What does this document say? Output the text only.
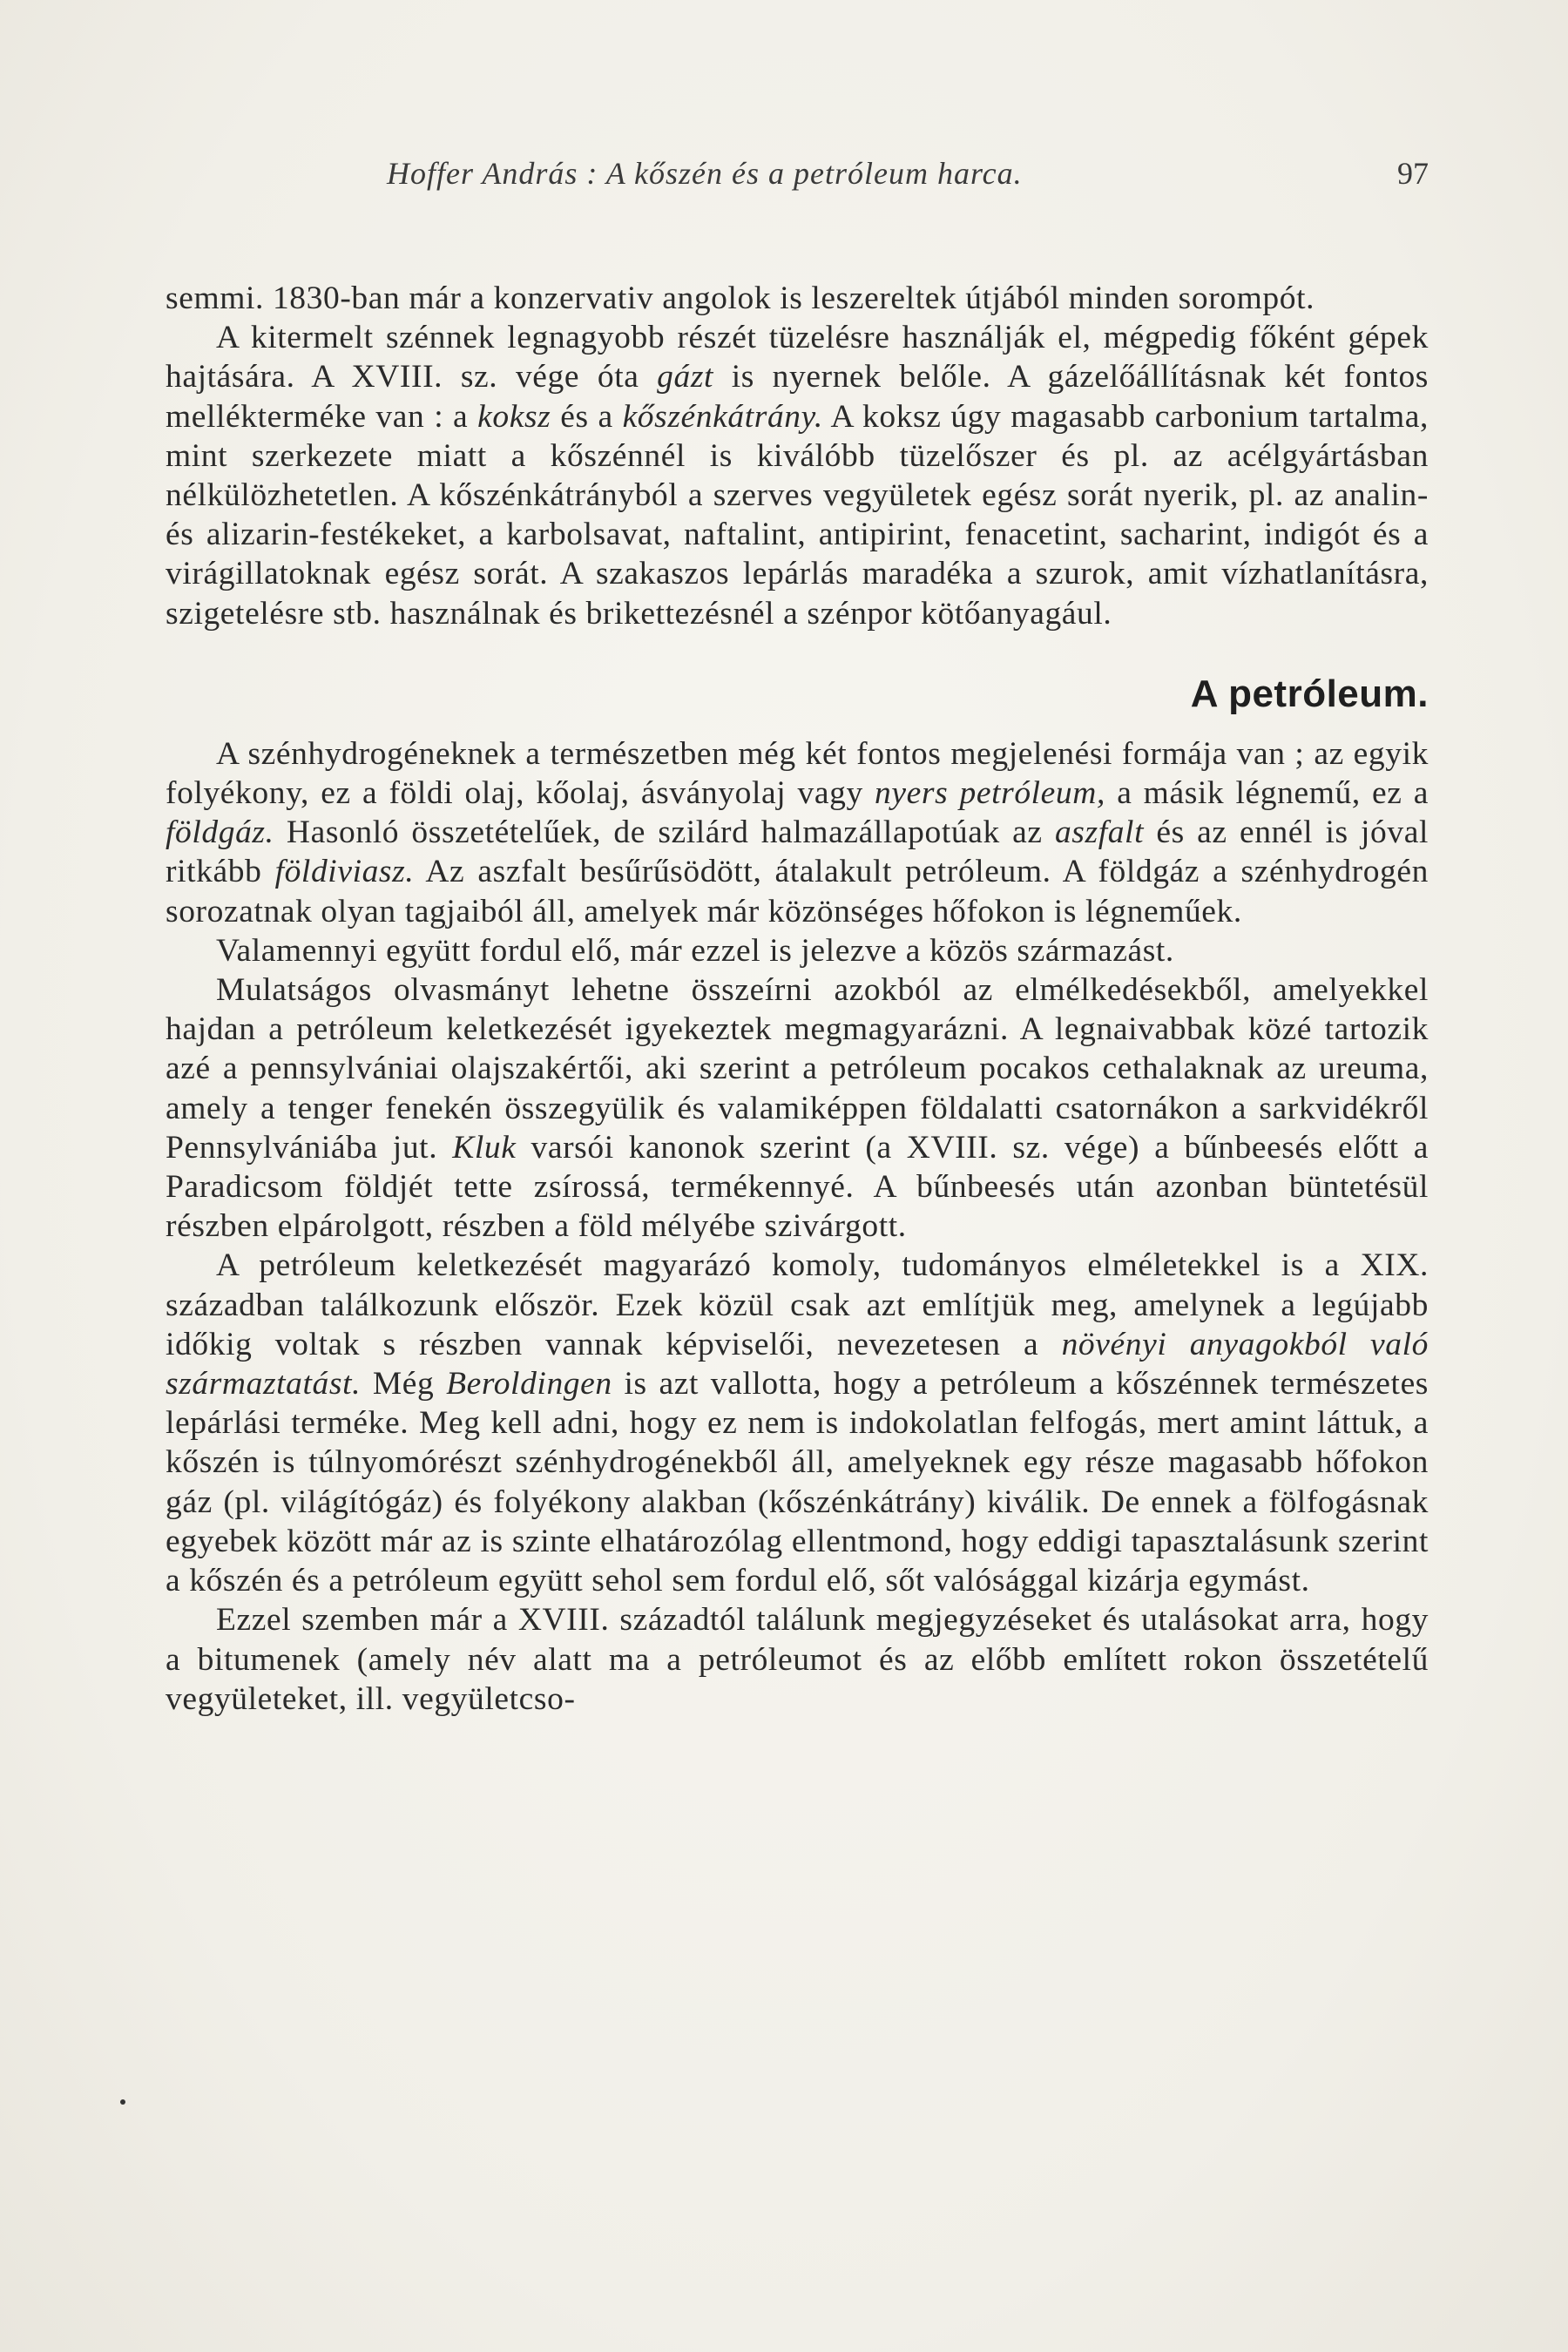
Hoffer András : A kőszén és a petróleum harca.	97

semmi. 1830-ban már a konzervativ angolok is leszereltek útjából minden sorompót.

A kitermelt szénnek legnagyobb részét tüzelésre használják el, mégpedig főként gépek hajtására. A XVIII. sz. vége óta gázt is nyernek belőle. A gázelőállításnak két fontos mellékterméke van : a koksz és a kőszénkátrány. A koksz úgy magasabb carbonium tartalma, mint szerkezete miatt a kőszénnél is kiválóbb tüzelőszer és pl. az acélgyártásban nélkülözhetetlen. A kőszénkátrányból a szerves vegyületek egész sorát nyerik, pl. az analin- és alizarin-festékeket, a karbolsavat, naftalint, antipirint, fenacetint, sacharint, indigót és a virágillatoknak egész sorát. A szakaszos lepárlás maradéka a szurok, amit vízhatlanításra, szigetelésre stb. használnak és brikettezésnél a szénpor kötőanyagául.

A petróleum.

A szénhydrogéneknek a természetben még két fontos megjelenési formája van ; az egyik folyékony, ez a földi olaj, kőolaj, ásványolaj vagy nyers petróleum, a másik légnemű, ez a földgáz. Hasonló összetételűek, de szilárd halmazállapotúak az aszfalt és az ennél is jóval ritkább földiviasz. Az aszfalt besűrűsödött, átalakult petróleum. A földgáz a szénhydrogén sorozatnak olyan tagjaiból áll, amelyek már közönséges hőfokon is légneműek.

Valamennyi együtt fordul elő, már ezzel is jelezve a közös származást.

Mulatságos olvasmányt lehetne összeírni azokból az elmélkedésekből, amelyekkel hajdan a petróleum keletkezését igyekeztek megmagyarázni. A legnaivabbak közé tartozik azé a pennsylvániai olajszakértői, aki szerint a petróleum pocakos cethalaknak az ureuma, amely a tenger fenekén összegyülik és valamiképpen földalatti csatornákon a sarkvidékről Pennsylvániába jut. Kluk varsói kanonok szerint (a XVIII. sz. vége) a bűnbeesés előtt a Paradicsom földjét tette zsírossá, termékennyé. A bűnbeesés után azonban büntetésül részben elpárolgott, részben a föld mélyébe szivárgott.

A petróleum keletkezését magyarázó komoly, tudományos elméletekkel is a XIX. században találkozunk először. Ezek közül csak azt említjük meg, amelynek a legújabb időkig voltak s részben vannak képviselői, nevezetesen a növényi anyagokból való származtatást. Még Beroldingen is azt vallotta, hogy a petróleum a kőszénnek természetes lepárlási terméke. Meg kell adni, hogy ez nem is indokolatlan felfogás, mert amint láttuk, a kőszén is túlnyomórészt szénhydrogénekből áll, amelyeknek egy része magasabb hőfokon gáz (pl. világítógáz) és folyékony alakban (kőszénkátrány) kiválik. De ennek a fölfogásnak egyebek között már az is szinte elhatározólag ellentmond, hogy eddigi tapasztalásunk szerint a kőszén és a petróleum együtt sehol sem fordul elő, sőt valósággal kizárja egymást.

Ezzel szemben már a XVIII. századtól találunk megjegyzéseket és utalásokat arra, hogy a bitumenek (amely név alatt ma a petróleumot és az előbb említett rokon összetételű vegyületeket, ill. vegyületcso-
